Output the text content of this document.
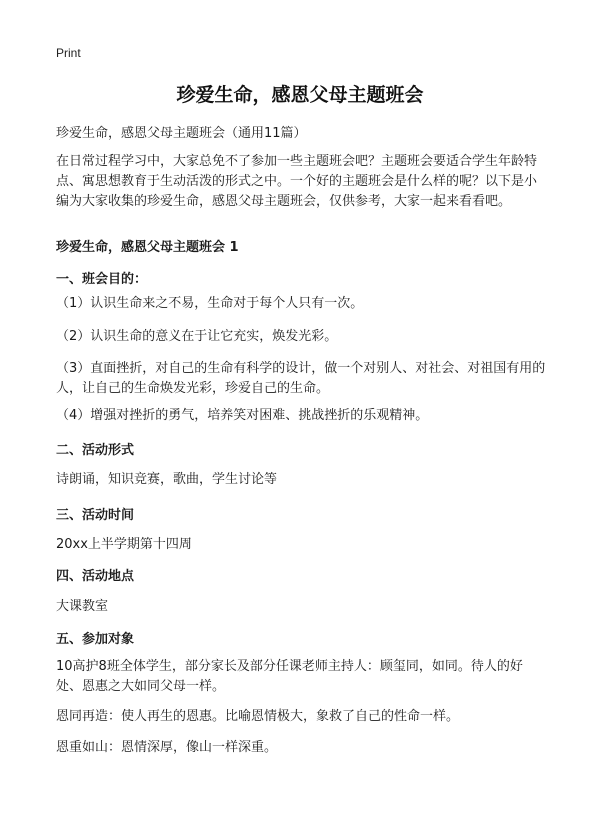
Print
珍爱生命，感恩父母主题班会
珍爱生命，感恩父母主题班会（通用11篇）
在日常过程学习中，大家总免不了参加一些主题班会吧？主题班会要适合学生年龄特点、寓思想教育于生动活泼的形式之中。一个好的主题班会是什么样的呢？以下是小编为大家收集的珍爱生命，感恩父母主题班会，仅供参考，大家一起来看看吧。
珍爱生命，感恩父母主题班会 1
一、班会目的：
（1）认识生命来之不易，生命对于每个人只有一次。
（2）认识生命的意义在于让它充实，焕发光彩。
（3）直面挫折，对自己的生命有科学的设计，做一个对别人、对社会、对祖国有用的人，让自己的生命焕发光彩，珍爱自己的生命。
（4）增强对挫折的勇气，培养笑对困难、挑战挫折的乐观精神。
二、活动形式
诗朗诵，知识竞赛，歌曲，学生讨论等
三、活动时间
20xx上半学期第十四周
四、活动地点
大课教室
五、参加对象
10高护8班全体学生，部分家长及部分任课老师主持人：顾玺同，如同。待人的好处、恩惠之大如同父母一样。
恩同再造：使人再生的恩惠。比喻恩情极大，象救了自己的性命一样。
恩重如山：恩情深厚，像山一样深重。
